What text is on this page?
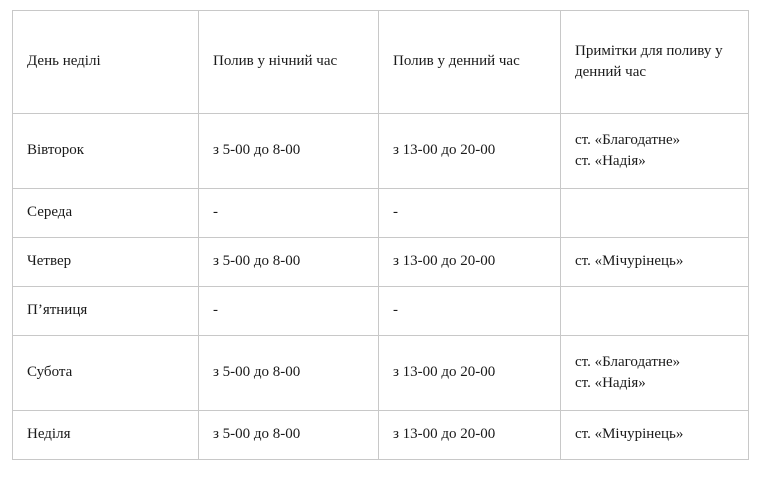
День неділі	Полив у нічний час	Полив у денний час	Примітки для поливу у денний час
Вівторок	з 5-00 до 8-00	з 13-00 до 20-00	ст. «Благодатне»
ст. «Надія»

Середа	-	-	

Четвер	з 5-00 до 8-00	з 13-00 до 20-00	ст. «Мічурінець»

П’ятниця	-	-	

Субота	з 5-00 до 8-00	з 13-00 до 20-00	ст. «Благодатне»
ст. «Надія»

Неділя	з 5-00 до 8-00	з 13-00 до 20-00	ст. «Мічурінець»
